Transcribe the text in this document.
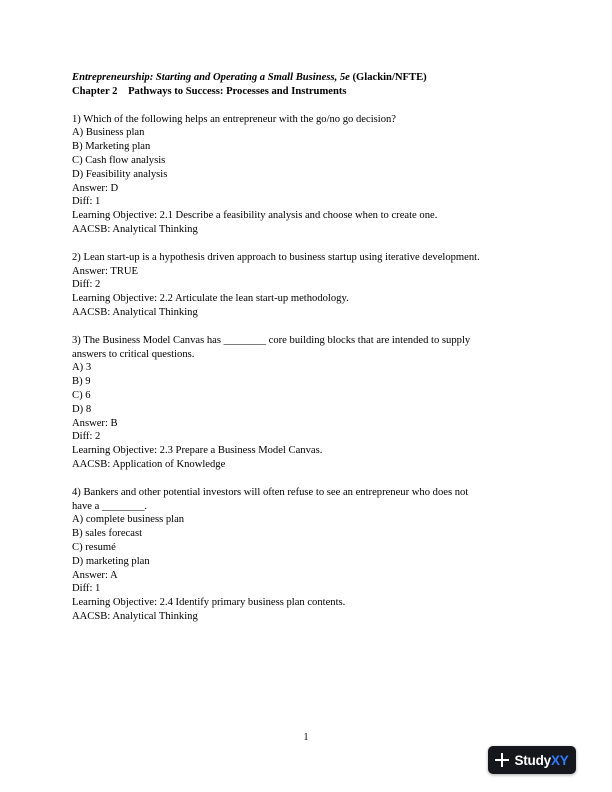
Entrepreneurship: Starting and Operating a Small Business, 5e (Glackin/NFTE)
Chapter 2 Pathways to Success: Processes and Instruments
1) Which of the following helps an entrepreneur with the go/no go decision?
A) Business plan
B) Marketing plan
C) Cash flow analysis
D) Feasibility analysis
Answer: D
Diff: 1
Learning Objective: 2.1 Describe a feasibility analysis and choose when to create one.
AACSB: Analytical Thinking
2) Lean start-up is a hypothesis driven approach to business startup using iterative development.
Answer: TRUE
Diff: 2
Learning Objective: 2.2 Articulate the lean start-up methodology.
AACSB: Analytical Thinking
3) The Business Model Canvas has ________ core building blocks that are intended to supply
answers to critical questions.
A) 3
B) 9
C) 6
D) 8
Answer: B
Diff: 2
Learning Objective: 2.3 Prepare a Business Model Canvas.
AACSB: Application of Knowledge
4) Bankers and other potential investors will often refuse to see an entrepreneur who does not
have a ________.
A) complete business plan
B) sales forecast
C) resumé
D) marketing plan
Answer: A
Diff: 1
Learning Objective: 2.4 Identify primary business plan contents.
AACSB: Analytical Thinking
1
StudyXY
